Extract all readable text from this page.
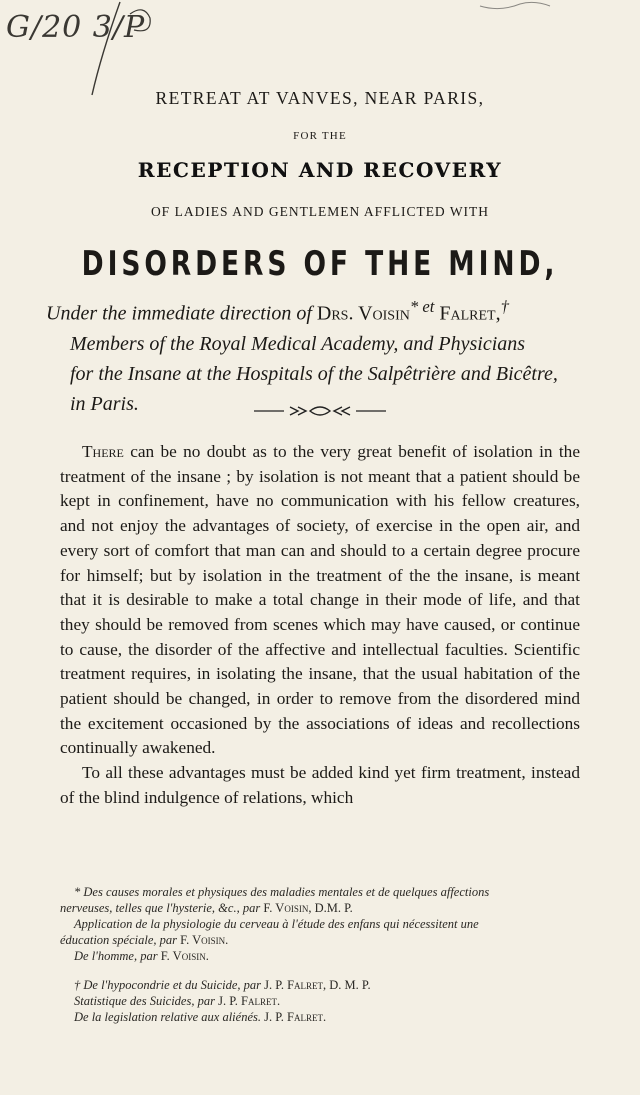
G/20 3/P
RETREAT AT VANVES, NEAR PARIS,
FOR THE
RECEPTION AND RECOVERY
OF LADIES AND GENTLEMEN AFFLICTED WITH
DISORDERS OF THE MIND,
Under the immediate direction of Drs. Voisin$^{* et}$ Falret,†
Members of the Royal Medical Academy, and Physicians
for the Insane at the Hospitals of the Salpêtrière and Bicêtre,
in Paris.

There can be no doubt as to the very great benefit of isolation in the treatment of the insane ; by isolation is not meant that a patient should be kept in confinement, have no communication with his fellow creatures, and not enjoy the advantages of society, of exercise in the open air, and every sort of comfort that man can and should to a certain degree procure for himself; but by isolation in the treatment of the the insane, is meant that it is desirable to make a total change in their mode of life, and that they should be removed from scenes which may have caused, or continue to cause, the disorder of the affective and intellectual faculties. Scientific treatment requires, in isolating the insane, that the usual habitation of the patient should be changed, in order to remove from the disordered mind the excitement occasioned by the associations of ideas and recollections continually awakened.

To all these advantages must be added kind yet firm treatment, instead of the blind indulgence of relations, which

* Des causes morales et physiques des maladies mentales et de quelques affections

nerveuses, telles que l'hysterie, &c., par F. Voisin, D.M. P.

Application de la physiologie du cerveau à l'étude des enfans qui nécessitent une

éducation spéciale, par F. Voisin.

De l'homme, par F. Voisin.

† De l'hypocondrie et du Suicide, par J. P. Falret, D. M. P.

Statistique des Suicides, par J. P. Falret.

De la legislation relative aux aliénés. J. P. Falret.
